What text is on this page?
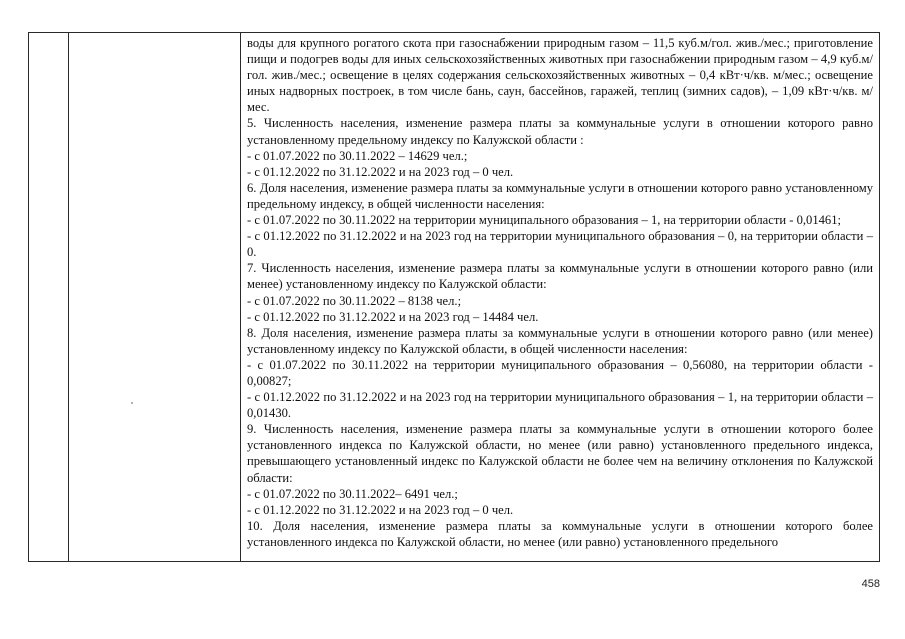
воды для крупного рогатого скота при газоснабжении природным газом – 11,5 куб.м/гол. жив./мес.; приготовление пищи и подогрев воды для иных сельскохозяйственных животных при газоснабжении природным газом – 4,9 куб.м/гол. жив./мес.; освещение в целях содержания сельскохозяйственных животных – 0,4 кВт·ч/кв. м/мес.; освещение иных надворных построек, в том числе бань, саун, бассейнов, гаражей, теплиц (зимних садов), – 1,09 кВт·ч/кв. м/мес.

5. Численность населения, изменение размера платы за коммунальные услуги в отношении которого равно установленному предельному индексу по Калужской области :

- с 01.07.2022 по 30.11.2022 – 14629 чел.;

- с 01.12.2022 по 31.12.2022 и на 2023 год – 0 чел.

6. Доля населения, изменение размера платы за коммунальные услуги в отношении которого равно установленному предельному индексу, в общей численности населения:

- с 01.07.2022 по 30.11.2022 на территории муниципального образования – 1, на территории области - 0,01461;

- с 01.12.2022 по 31.12.2022 и на 2023 год на территории муниципального образования – 0, на территории области – 0.

7. Численность населения, изменение размера платы за коммунальные услуги в отношении которого равно (или менее) установленному индексу по Калужской области:

- с 01.07.2022 по 30.11.2022 – 8138 чел.;

- с 01.12.2022 по 31.12.2022 и на 2023 год – 14484 чел.

8. Доля населения, изменение размера платы за коммунальные услуги в отношении которого равно (или менее) установленному индексу по Калужской области, в общей численности населения:

- с 01.07.2022 по 30.11.2022 на территории муниципального образования – 0,56080, на территории области - 0,00827;

- с 01.12.2022 по 31.12.2022 и на 2023 год на территории муниципального образования – 1, на территории области – 0,01430.

9. Численность населения, изменение размера платы за коммунальные услуги в отношении которого более установленного индекса по Калужской области, но менее (или равно) установленного предельного индекса, превышающего установленный индекс по Калужской области не более чем на величину отклонения по Калужской области:

- с 01.07.2022 по 30.11.2022– 6491 чел.;

- с 01.12.2022 по 31.12.2022 и на 2023 год – 0 чел.

10. Доля населения, изменение размера платы за коммунальные услуги в отношении которого более установленного индекса по Калужской области, но менее (или равно) установленного предельного

458
